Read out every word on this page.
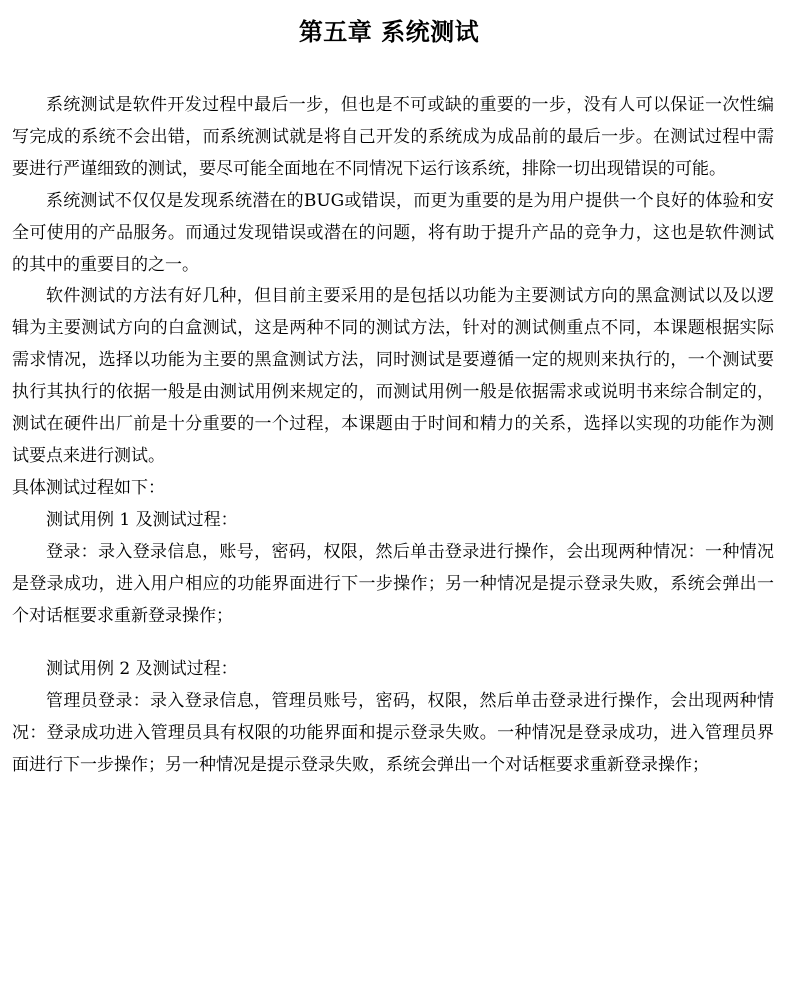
第五章 系统测试

系统测试是软件开发过程中最后一步，但也是不可或缺的重要的一步，没有人可以保证一次性编写完成的系统不会出错，而系统测试就是将自己开发的系统成为成品前的最后一步。在测试过程中需要进行严谨细致的测试，要尽可能全面地在不同情况下运行该系统，排除一切出现错误的可能。

系统测试不仅仅是发现系统潜在的BUG或错误，而更为重要的是为用户提供一个良好的体验和安全可使用的产品服务。而通过发现错误或潜在的问题，将有助于提升产品的竞争力，这也是软件测试的其中的重要目的之一。

软件测试的方法有好几种，但目前主要采用的是包括以功能为主要测试方向的黑盒测试以及以逻辑为主要测试方向的白盒测试，这是两种不同的测试方法，针对的测试侧重点不同，本课题根据实际需求情况，选择以功能为主要的黑盒测试方法，同时测试是要遵循一定的规则来执行的，一个测试要执行其执行的依据一般是由测试用例来规定的，而测试用例一般是依据需求或说明书来综合制定的，测试在硬件出厂前是十分重要的一个过程，本课题由于时间和精力的关系，选择以实现的功能作为测试要点来进行测试。

具体测试过程如下：

测试用例 1 及测试过程：

登录：录入登录信息，账号，密码，权限，然后单击登录进行操作，会出现两种情况：一种情况是登录成功，进入用户相应的功能界面进行下一步操作；另一种情况是提示登录失败，系统会弹出一个对话框要求重新登录操作；

测试用例 2 及测试过程：

管理员登录：录入登录信息，管理员账号，密码，权限，然后单击登录进行操作，会出现两种情况：登录成功进入管理员具有权限的功能界面和提示登录失败。一种情况是登录成功，进入管理员界面进行下一步操作；另一种情况是提示登录失败，系统会弹出一个对话框要求重新登录操作；
